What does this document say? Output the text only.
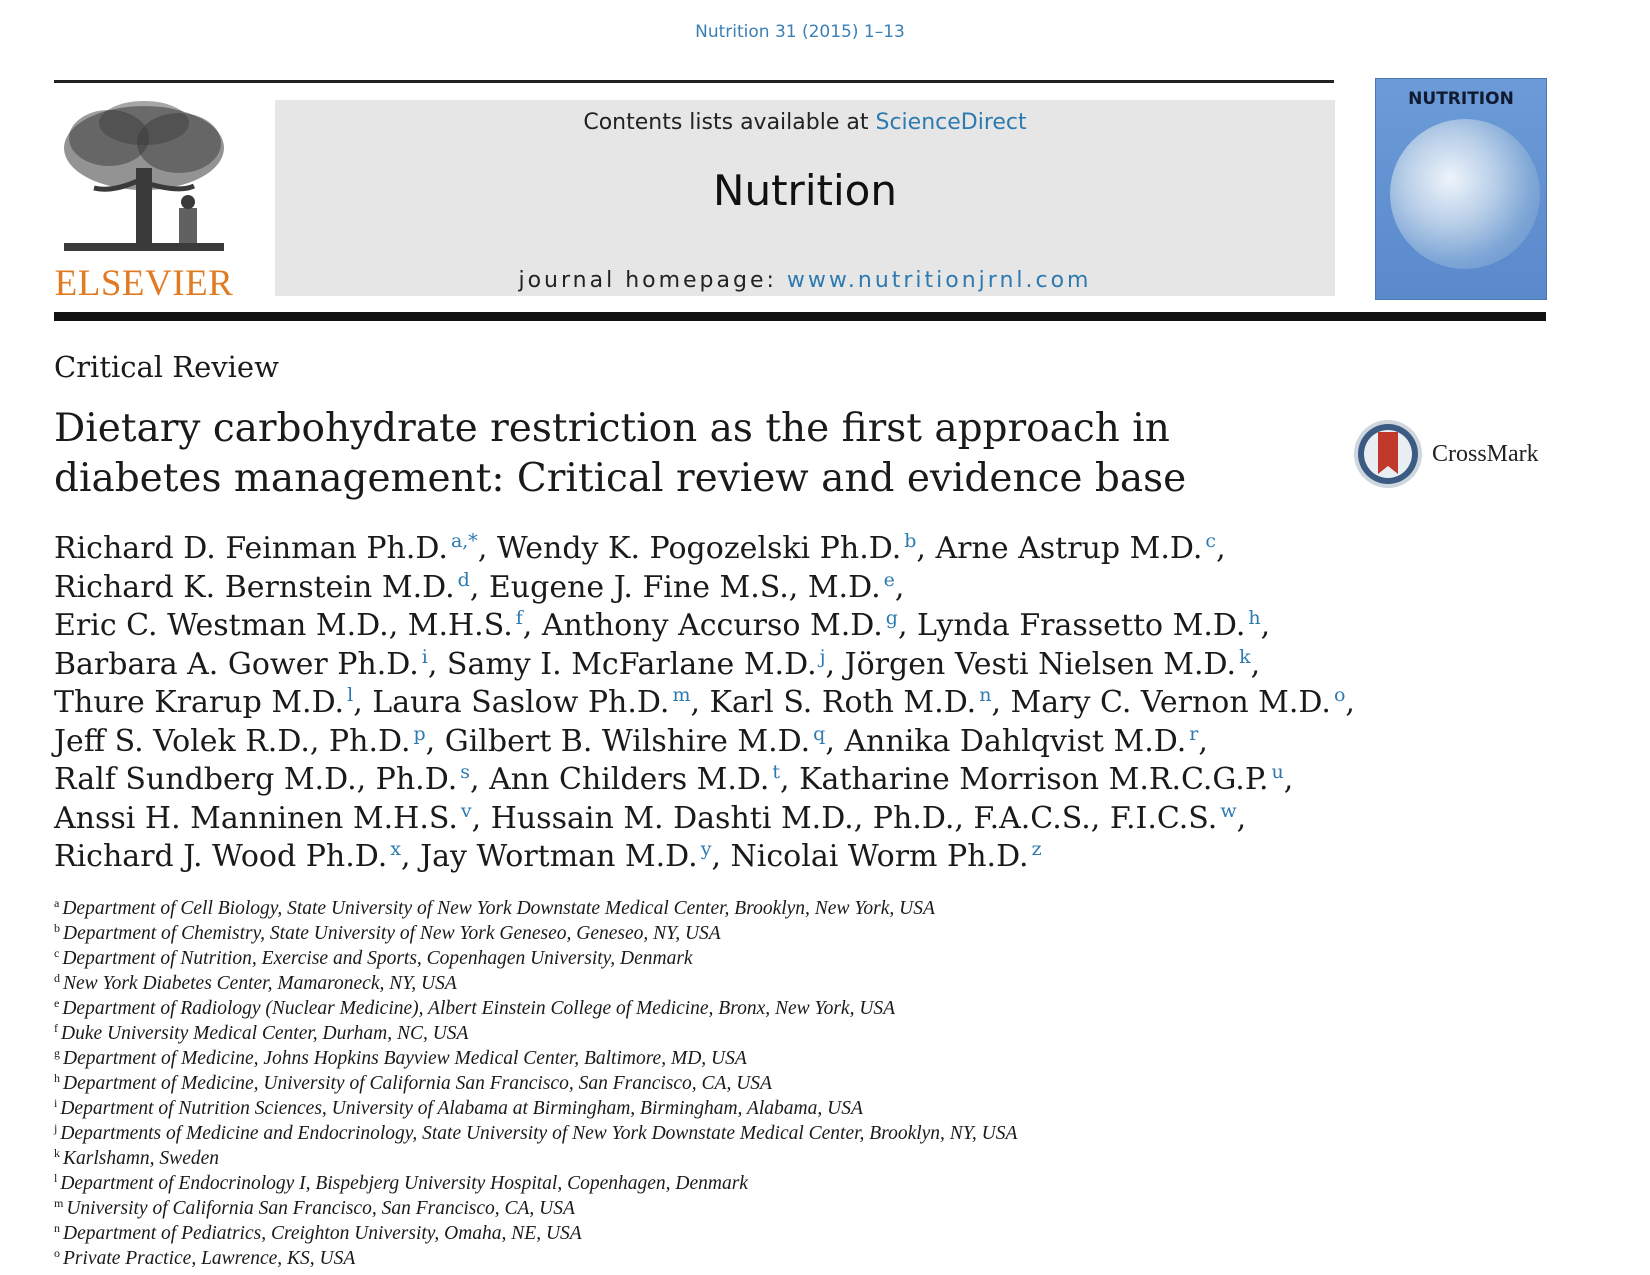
Nutrition 31 (2015) 1–13
ELSEVIER
Contents lists available at ScienceDirect
Nutrition
journal homepage: www.nutritionjrnl.com
NUTRITION
Critical Review
Dietary carbohydrate restriction as the first approach in diabetes management: Critical review and evidence base
CrossMark
Richard D. Feinman Ph.D. $^{a,*}$, Wendy K. Pogozelski Ph.D. $^b$, Arne Astrup M.D. $^c$,
Richard K. Bernstein M.D. $^d$, Eugene J. Fine M.S., M.D. $^e$,
Eric C. Westman M.D., M.H.S. $^f$, Anthony Accurso M.D. $^g$, Lynda Frassetto M.D. $^h$,
Barbara A. Gower Ph.D. $^i$, Samy I. McFarlane M.D. $^j$, Jörgen Vesti Nielsen M.D. $^k$,
Thure Krarup M.D. $^l$, Laura Saslow Ph.D. $^m$, Karl S. Roth M.D. $^n$, Mary C. Vernon M.D. $^o$,
Jeff S. Volek R.D., Ph.D. $^p$, Gilbert B. Wilshire M.D. $^q$, Annika Dahlqvist M.D. $^r$,
Ralf Sundberg M.D., Ph.D. $^s$, Ann Childers M.D. $^t$, Katharine Morrison M.R.C.G.P. $^u$,
Anssi H. Manninen M.H.S. $^v$, Hussain M. Dashti M.D., Ph.D., F.A.C.S., F.I.C.S. $^w$,
Richard J. Wood Ph.D. $^x$, Jay Wortman M.D. $^y$, Nicolai Worm Ph.D. $^z$
$^a$ Department of Cell Biology, State University of New York Downstate Medical Center, Brooklyn, New York, USA
$^b$ Department of Chemistry, State University of New York Geneseo, Geneseo, NY, USA
$^c$ Department of Nutrition, Exercise and Sports, Copenhagen University, Denmark
$^d$ New York Diabetes Center, Mamaroneck, NY, USA
$^e$ Department of Radiology (Nuclear Medicine), Albert Einstein College of Medicine, Bronx, New York, USA
$^f$ Duke University Medical Center, Durham, NC, USA
$^g$ Department of Medicine, Johns Hopkins Bayview Medical Center, Baltimore, MD, USA
$^h$ Department of Medicine, University of California San Francisco, San Francisco, CA, USA
$^i$ Department of Nutrition Sciences, University of Alabama at Birmingham, Birmingham, Alabama, USA
$^j$ Departments of Medicine and Endocrinology, State University of New York Downstate Medical Center, Brooklyn, NY, USA
$^k$ Karlshamn, Sweden
$^l$ Department of Endocrinology I, Bispebjerg University Hospital, Copenhagen, Denmark
$^m$ University of California San Francisco, San Francisco, CA, USA
$^n$ Department of Pediatrics, Creighton University, Omaha, NE, USA
$^o$ Private Practice, Lawrence, KS, USA
